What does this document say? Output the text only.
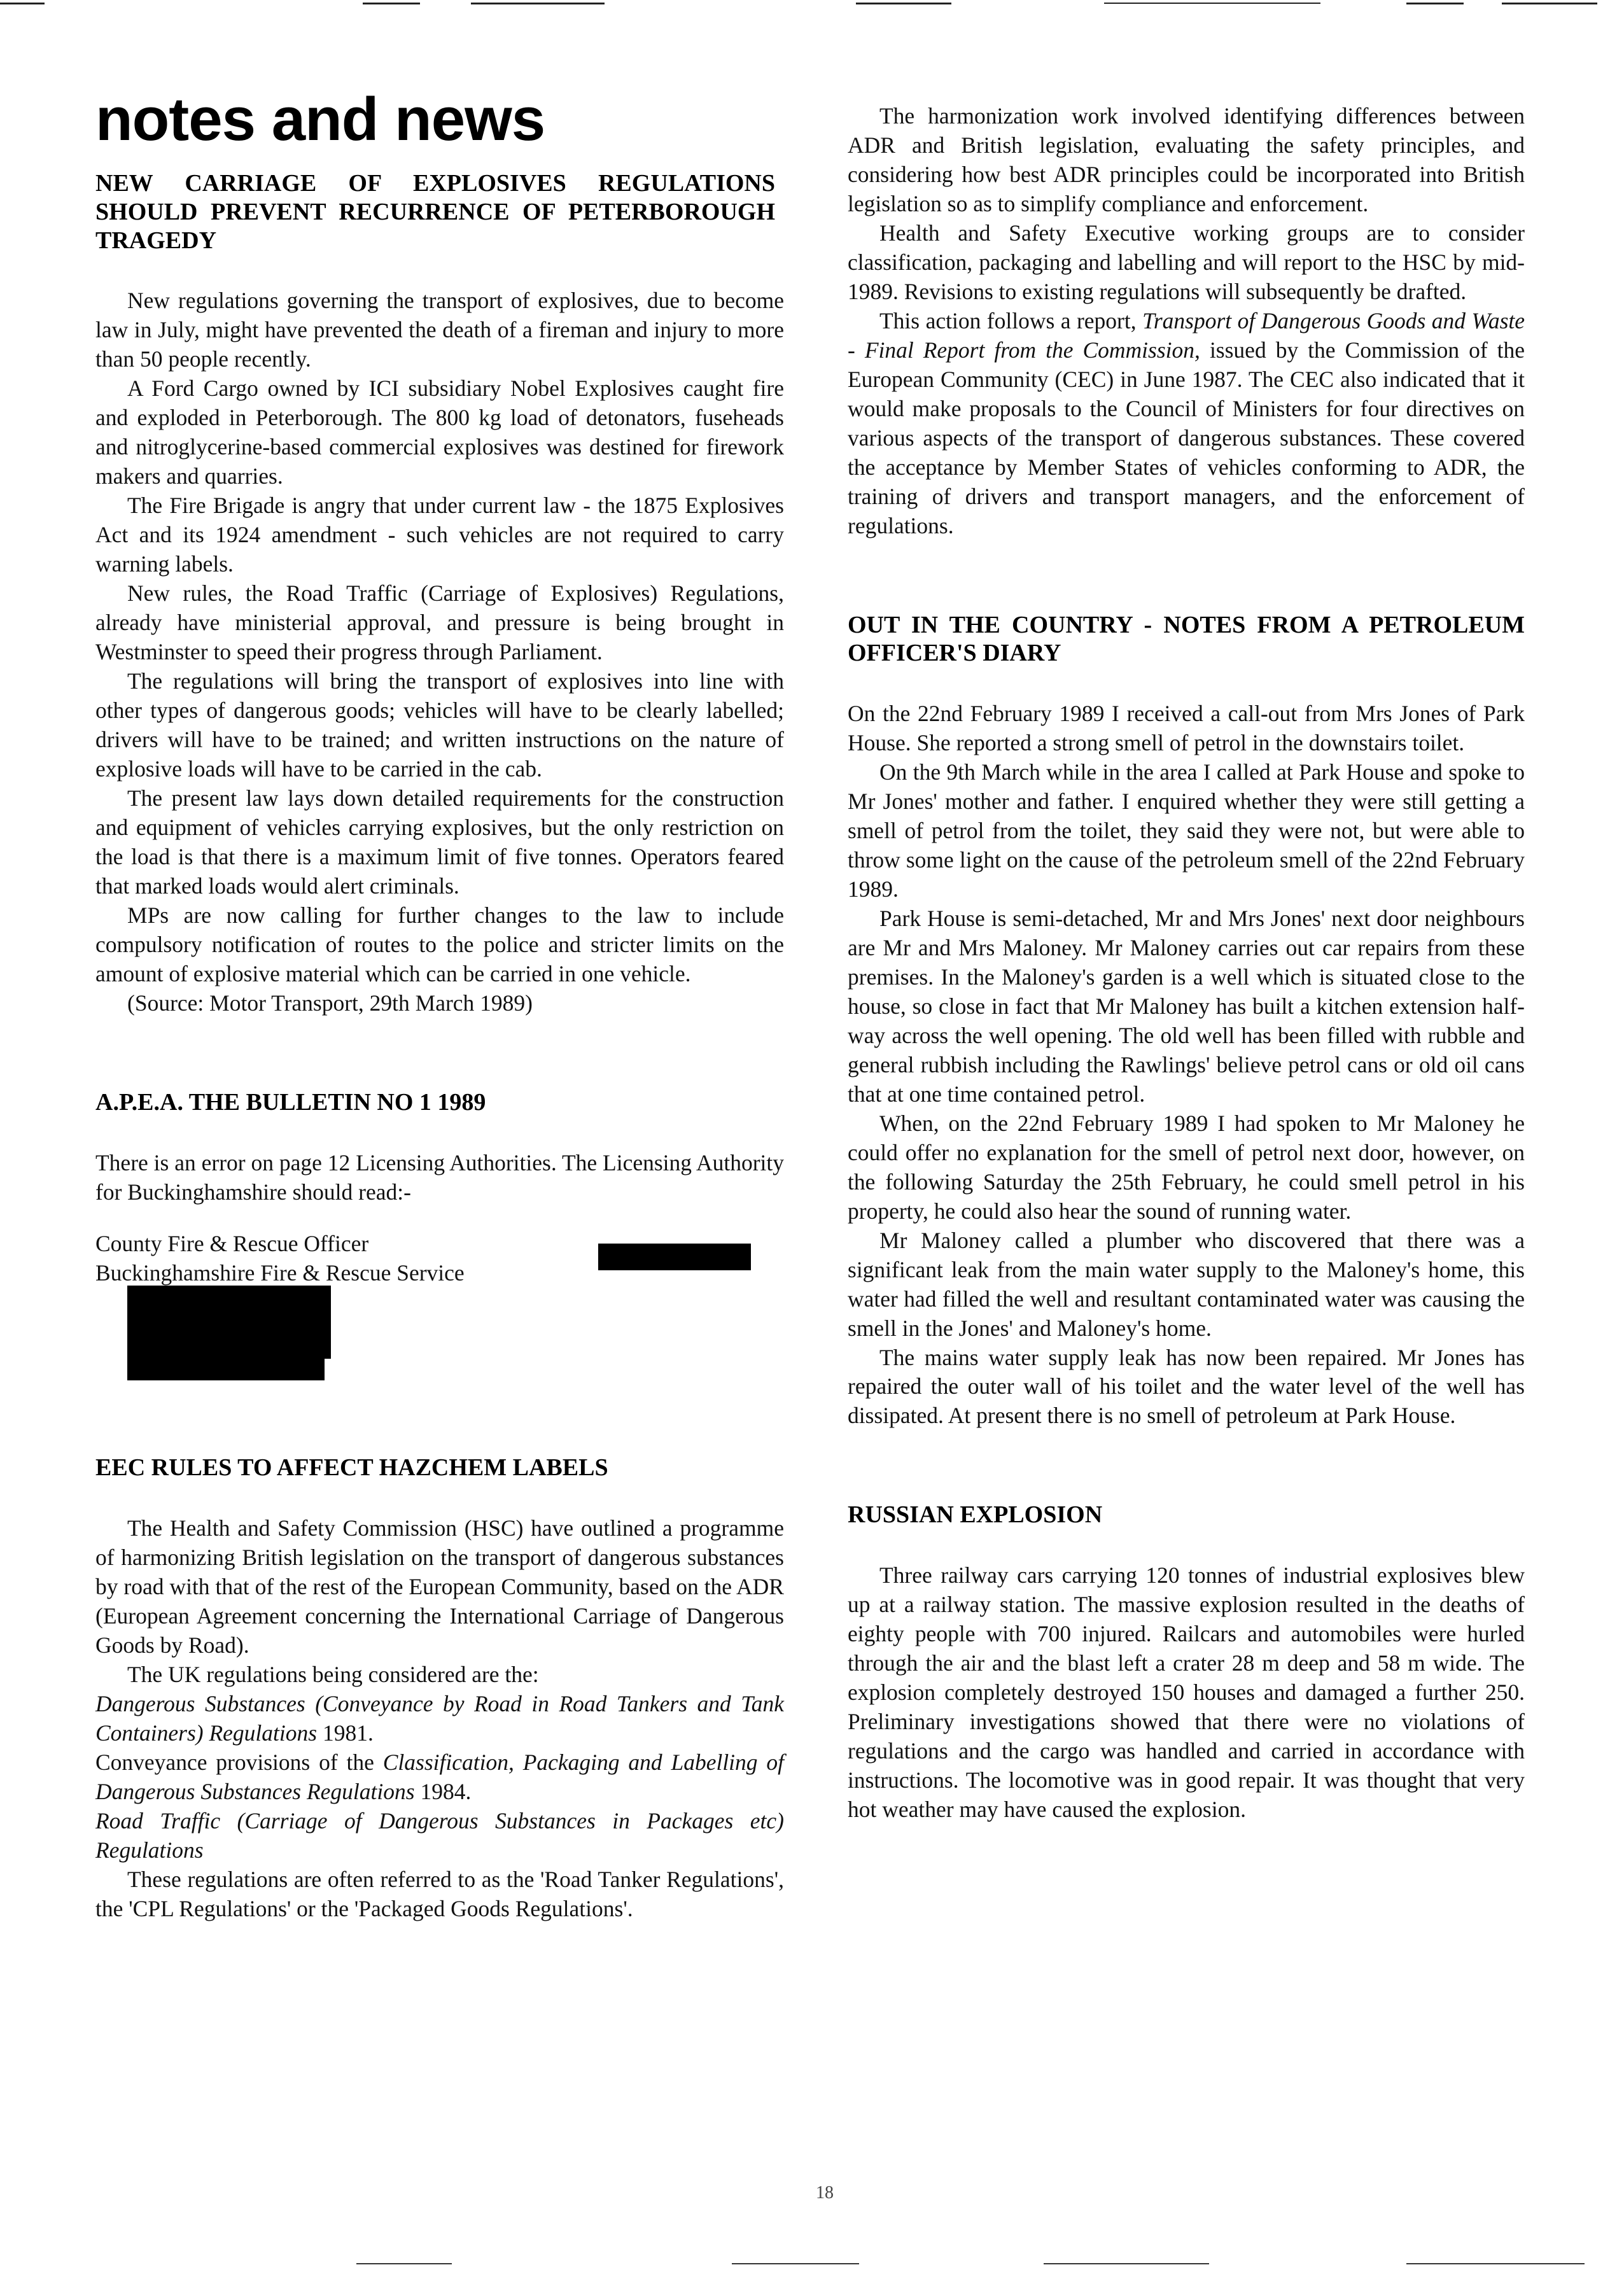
notes and news
NEW CARRIAGE OF EXPLOSIVES REGULATIONS SHOULD PREVENT RECURRENCE OF PETERBOROUGH TRAGEDY

New regulations governing the transport of explosives, due to become law in July, might have prevented the death of a fireman and injury to more than 50 people recently.

A Ford Cargo owned by ICI subsidiary Nobel Explosives caught fire and exploded in Peterborough. The 800 kg load of detonators, fuseheads and nitroglycerine-based commercial explosives was destined for firework makers and quarries.

The Fire Brigade is angry that under current law - the 1875 Explosives Act and its 1924 amendment - such vehicles are not required to carry warning labels.

New rules, the Road Traffic (Carriage of Explosives) Regulations, already have ministerial approval, and pressure is being brought in Westminster to speed their progress through Parliament.

The regulations will bring the transport of explosives into line with other types of dangerous goods; vehicles will have to be clearly labelled; drivers will have to be trained; and written instructions on the nature of explosive loads will have to be carried in the cab.

The present law lays down detailed requirements for the construction and equipment of vehicles carrying explosives, but the only restriction on the load is that there is a maximum limit of five tonnes. Operators feared that marked loads would alert criminals.

MPs are now calling for further changes to the law to include compulsory notification of routes to the police and stricter limits on the amount of explosive material which can be carried in one vehicle.

(Source: Motor Transport, 29th March 1989)

A.P.E.A. THE BULLETIN NO 1 1989

There is an error on page 12 Licensing Authorities. The Licensing Authority for Buckinghamshire should read:-

County Fire & Rescue Officer

Buckinghamshire Fire & Rescue Service

EEC RULES TO AFFECT HAZCHEM LABELS

The Health and Safety Commission (HSC) have outlined a programme of harmonizing British legislation on the transport of dangerous substances by road with that of the rest of the European Community, based on the ADR (European Agreement concerning the International Carriage of Dangerous Goods by Road).

The UK regulations being considered are the:

Dangerous Substances (Conveyance by Road in Road Tankers and Tank Containers) Regulations 1981.

Conveyance provisions of the Classification, Packaging and Labelling of Dangerous Substances Regulations 1984.

Road Traffic (Carriage of Dangerous Substances in Packages etc) Regulations

These regulations are often referred to as the 'Road Tanker Regulations', the 'CPL Regulations' or the 'Packaged Goods Regulations'.

The harmonization work involved identifying differences between ADR and British legislation, evaluating the safety principles, and considering how best ADR principles could be incorporated into British legislation so as to simplify compliance and enforcement.

Health and Safety Executive working groups are to consider classification, packaging and labelling and will report to the HSC by mid-1989. Revisions to existing regulations will subsequently be drafted.

This action follows a report, Transport of Dangerous Goods and Waste - Final Report from the Commission, issued by the Commission of the European Community (CEC) in June 1987. The CEC also indicated that it would make proposals to the Council of Ministers for four directives on various aspects of the transport of dangerous substances. These covered the acceptance by Member States of vehicles conforming to ADR, the training of drivers and transport managers, and the enforcement of regulations.

OUT IN THE COUNTRY - NOTES FROM A PETROLEUM OFFICER'S DIARY

On the 22nd February 1989 I received a call-out from Mrs Jones of Park House. She reported a strong smell of petrol in the downstairs toilet.

On the 9th March while in the area I called at Park House and spoke to Mr Jones' mother and father. I enquired whether they were still getting a smell of petrol from the toilet, they said they were not, but were able to throw some light on the cause of the petroleum smell of the 22nd February 1989.

Park House is semi-detached, Mr and Mrs Jones' next door neighbours are Mr and Mrs Maloney. Mr Maloney carries out car repairs from these premises. In the Maloney's garden is a well which is situated close to the house, so close in fact that Mr Maloney has built a kitchen extension half-way across the well opening. The old well has been filled with rubble and general rubbish including the Rawlings' believe petrol cans or old oil cans that at one time contained petrol.

When, on the 22nd February 1989 I had spoken to Mr Maloney he could offer no explanation for the smell of petrol next door, however, on the following Saturday the 25th February, he could smell petrol in his property, he could also hear the sound of running water.

Mr Maloney called a plumber who discovered that there was a significant leak from the main water supply to the Maloney's home, this water had filled the well and resultant contaminated water was causing the smell in the Jones' and Maloney's home.

The mains water supply leak has now been repaired. Mr Jones has repaired the outer wall of his toilet and the water level of the well has dissipated. At present there is no smell of petroleum at Park House.

RUSSIAN EXPLOSION

Three railway cars carrying 120 tonnes of industrial explosives blew up at a railway station. The massive explosion resulted in the deaths of eighty people with 700 injured. Railcars and automobiles were hurled through the air and the blast left a crater 28 m deep and 58 m wide. The explosion completely destroyed 150 houses and damaged a further 250. Preliminary investigations showed that there were no violations of regulations and the cargo was handled and carried in accordance with instructions. The locomotive was in good repair. It was thought that very hot weather may have caused the explosion.

18
